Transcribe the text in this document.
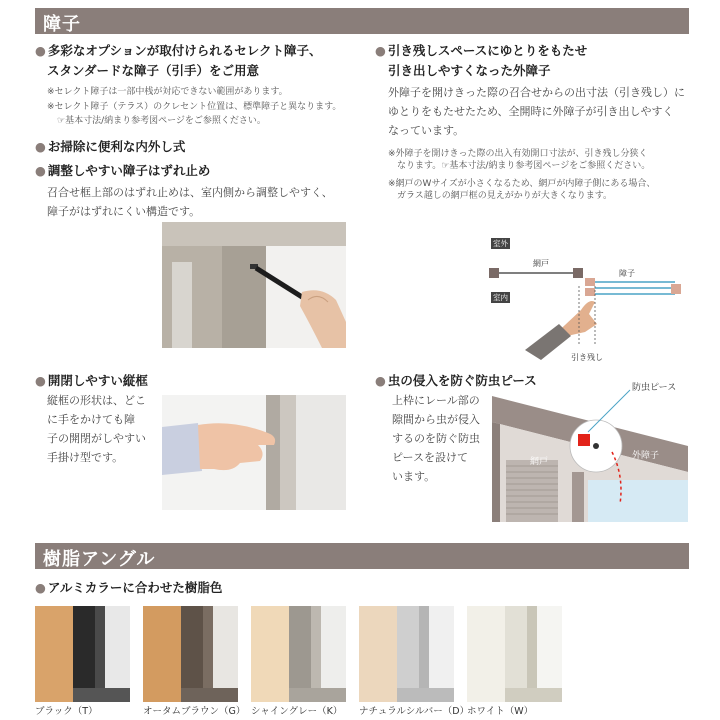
障子
● 多彩なオプションが取付けられるセレクト障子、
スタンダードな障子（引手）をご用意
※セレクト障子は一部中桟が対応できない範囲があります。
※セレクト障子（テラス）のクレセント位置は、標準障子と異なります。
☞基本寸法/納まり参考図ページをご参照ください。
● お掃除に便利な内外し式
● 調整しやすい障子はずれ止め
召合せ框上部のはずれ止めは、室内側から調整しやすく、
障子がはずれにくい構造です。
● 引き残しスペースにゆとりをもたせ
引き出しやすくなった外障子
外障子を開けきった際の召合せからの出寸法（引き残し）に
ゆとりをもたせたため、全開時に外障子が引き出しやすく
なっています。
※外障子を開けきった際の出入有効開口寸法が、引き残し分狭く
なります。☞基本寸法/納まり参考図ページをご参照ください。
※網戸のWサイズが小さくなるため、網戸が内障子側にある場合、
ガラス越しの網戸框の見えがかりが大きくなります。
室外
室内
網戸
障子
引き残し
● 開閉しやすい縦框
縦框の形状は、どこ
に手をかけても障
子の開閉がしやすい
手掛け型です。
● 虫の侵入を防ぐ防虫ピース
上枠にレール部の
隙間から虫が侵入
するのを防ぐ防虫
ピースを設けて
います。
防虫ピース
網戸
外障子
樹脂アングル
● アルミカラーに合わせた樹脂色
ブラック（T）	オータムブラウン（G） シャイングレー（K） ナチュラルシルバー（D）
ホワイト（W）
